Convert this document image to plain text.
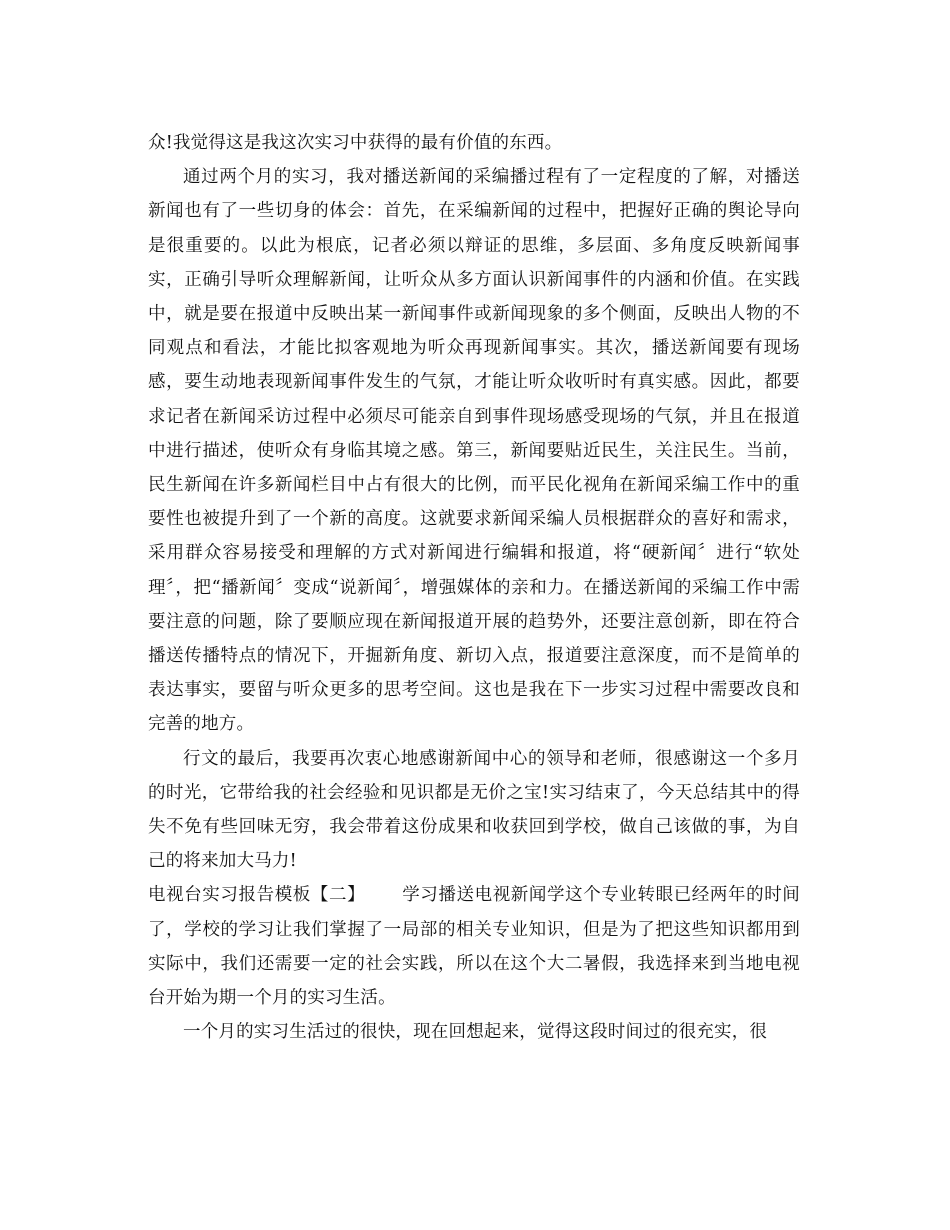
众!我觉得这是我这次实习中获得的最有价值的东西。

通过两个月的实习，我对播送新闻的采编播过程有了一定程度的了解，对播送新闻也有了一些切身的体会：首先，在采编新闻的过程中，把握好正确的舆论导向是很重要的。以此为根底，记者必须以辩证的思维，多层面、多角度反映新闻事实，正确引导听众理解新闻，让听众从多方面认识新闻事件的内涵和价值。在实践中，就是要在报道中反映出某一新闻事件或新闻现象的多个侧面，反映出人物的不同观点和看法，才能比拟客观地为听众再现新闻事实。其次，播送新闻要有现场感，要生动地表现新闻事件发生的气氛，才能让听众收听时有真实感。因此，都要求记者在新闻采访过程中必须尽可能亲自到事件现场感受现场的气氛，并且在报道中进行描述，使听众有身临其境之感。第三，新闻要贴近民生，关注民生。当前，民生新闻在许多新闻栏目中占有很大的比例，而平民化视角在新闻采编工作中的重要性也被提升到了一个新的高度。这就要求新闻采编人员根据群众的喜好和需求，采用群众容易接受和理解的方式对新闻进行编辑和报道，将“硬新闻〞进行“软处理〞，把“播新闻〞变成“说新闻〞，增强媒体的亲和力。在播送新闻的采编工作中需要注意的问题，除了要顺应现在新闻报道开展的趋势外，还要注意创新，即在符合播送传播特点的情况下，开掘新角度、新切入点，报道要注意深度，而不是简单的表达事实，要留与听众更多的思考空间。这也是我在下一步实习过程中需要改良和完善的地方。

行文的最后，我要再次衷心地感谢新闻中心的领导和老师，很感谢这一个多月的时光，它带给我的社会经验和见识都是无价之宝!实习结束了，今天总结其中的得失不免有些回味无穷，我会带着这份成果和收获回到学校，做自己该做的事，为自己的将来加大马力!

电视台实习报告模板【二】 学习播送电视新闻学这个专业转眼已经两年的时间了，学校的学习让我们掌握了一局部的相关专业知识，但是为了把这些知识都用到实际中，我们还需要一定的社会实践，所以在这个大二暑假，我选择来到当地电视台开始为期一个月的实习生活。

一个月的实习生活过的很快，现在回想起来，觉得这段时间过的很充实，很
